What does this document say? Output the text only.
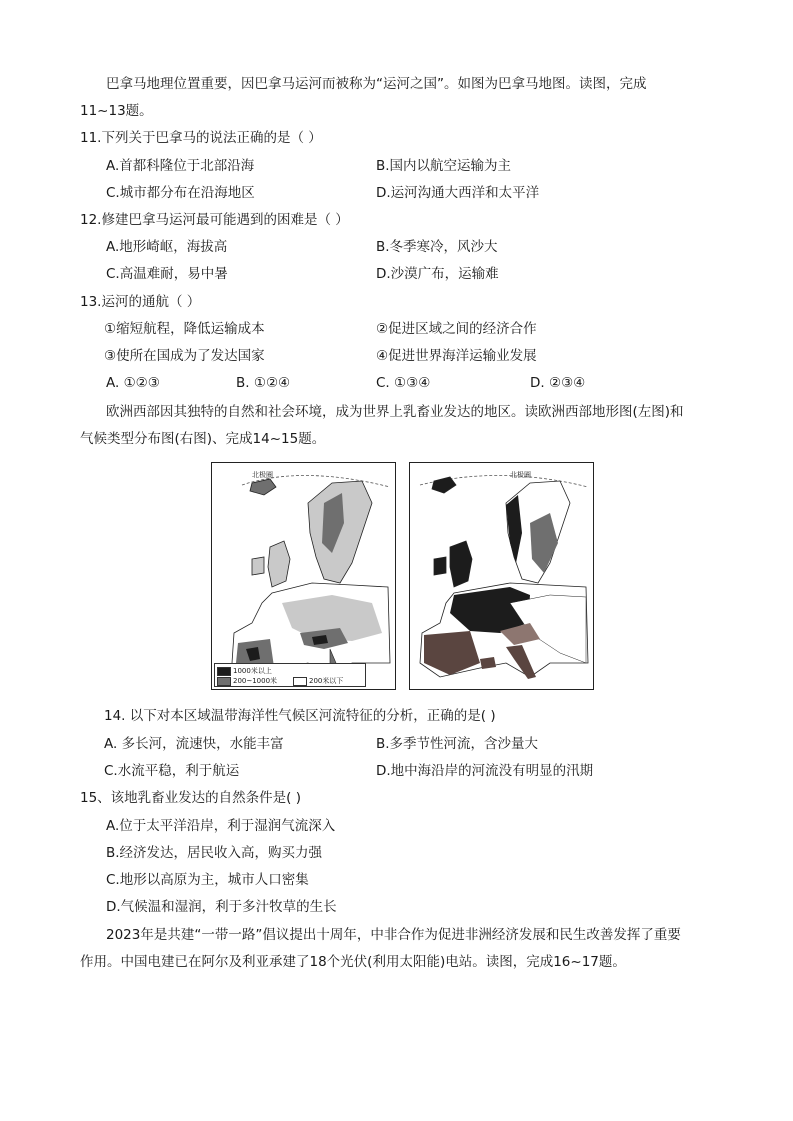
巴拿马地理位置重要，因巴拿马运河而被称为“运河之国”。如图为巴拿马地图。读图，完成
11~13题。
11.下列关于巴拿马的说法正确的是（ ）
A.首都科隆位于北部沿海	B.国内以航空运输为主
C.城市都分布在沿海地区	D.运河沟通大西洋和太平洋
12.修建巴拿马运河最可能遇到的困难是（ ）
A.地形崎岖，海拔高	B.冬季寒冷，风沙大
C.高温难耐，易中暑	D.沙漠广布，运输难
13.运河的通航（ ）
①缩短航程，降低运输成本	②促进区域之间的经济合作
③使所在国成为了发达国家	④促进世界海洋运输业发展
A. ①②③	B. ①②④	C. ①③④	D. ②③④
欧洲西部因其独特的自然和社会环境，成为世界上乳畜业发达的地区。读欧洲西部地形图(左图)和
气候类型分布图(右图)、完成14~15题。
北极圈
1000米以上
200~1000米	200米以下
北极圈
14. 以下对本区域温带海洋性气候区河流特征的分析，正确的是( )
A. 多长河，流速快，水能丰富	B.多季节性河流，含沙量大
C.水流平稳，利于航运	D.地中海沿岸的河流没有明显的汛期
15、该地乳畜业发达的自然条件是( )
A.位于太平洋沿岸，利于湿润气流深入
B.经济发达，居民收入高，购买力强
C.地形以高原为主，城市人口密集
D.气候温和湿润，利于多汁牧草的生长
2023年是共建“一带一路”倡议提出十周年，中非合作为促进非洲经济发展和民生改善发挥了重要
作用。中国电建已在阿尔及利亚承建了18个光伏(利用太阳能)电站。读图，完成16~17题。
